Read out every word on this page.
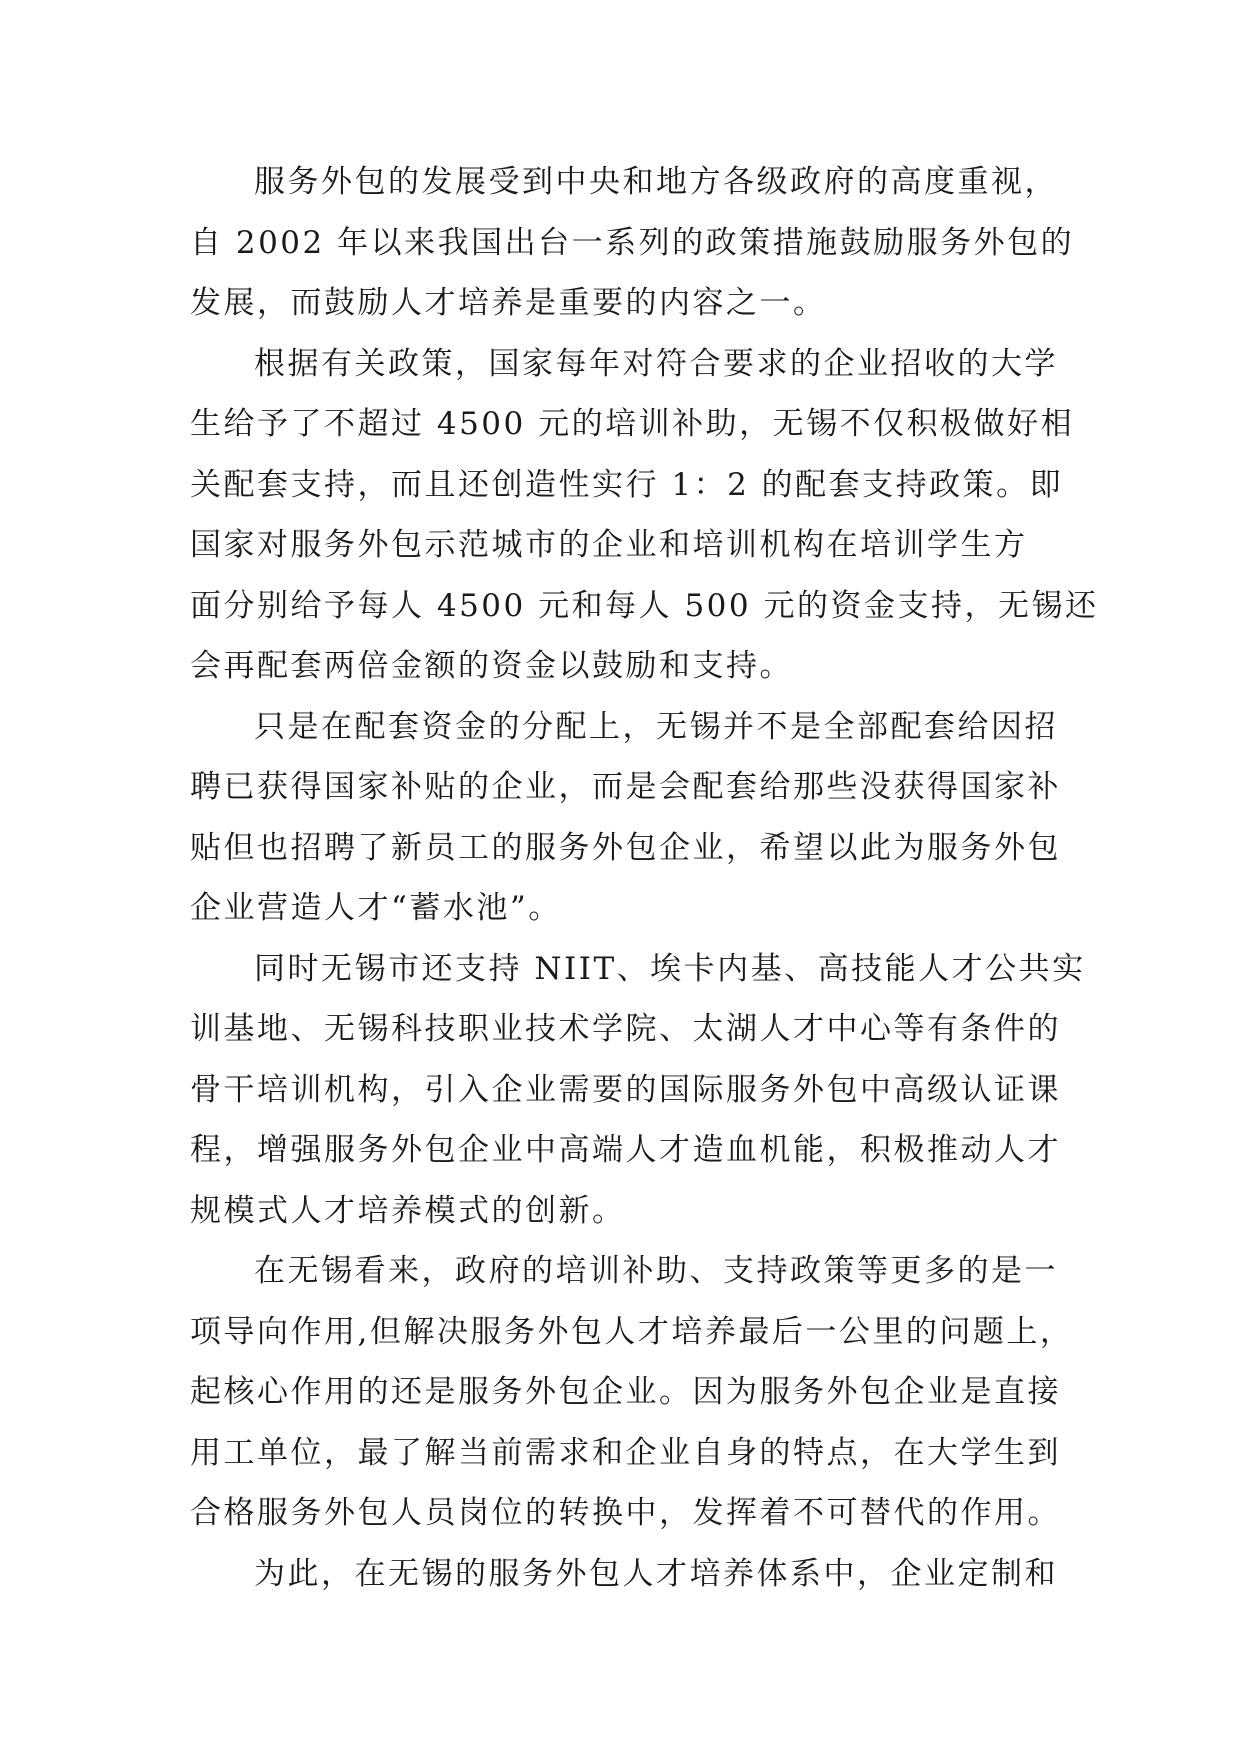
服务外包的发展受到中央和地方各级政府的高度重视，
自 2002 年以来我国出台一系列的政策措施鼓励服务外包的
发展，而鼓励人才培养是重要的内容之一。
根据有关政策，国家每年对符合要求的企业招收的大学
生给予了不超过 4500 元的培训补助，无锡不仅积极做好相
关配套支持，而且还创造性实行 1：2 的配套支持政策。即
国家对服务外包示范城市的企业和培训机构在培训学生方
面分别给予每人 4500 元和每人 500 元的资金支持，无锡还
会再配套两倍金额的资金以鼓励和支持。
只是在配套资金的分配上，无锡并不是全部配套给因招
聘已获得国家补贴的企业，而是会配套给那些没获得国家补
贴但也招聘了新员工的服务外包企业，希望以此为服务外包
企业营造人才“蓄水池”。
同时无锡市还支持 NIIT、埃卡内基、高技能人才公共实
训基地、无锡科技职业技术学院、太湖人才中心等有条件的
骨干培训机构，引入企业需要的国际服务外包中高级认证课
程，增强服务外包企业中高端人才造血机能，积极推动人才
规模式人才培养模式的创新。
在无锡看来，政府的培训补助、支持政策等更多的是一
项导向作用,但解决服务外包人才培养最后一公里的问题上，
起核心作用的还是服务外包企业。因为服务外包企业是直接
用工单位，最了解当前需求和企业自身的特点，在大学生到
合格服务外包人员岗位的转换中，发挥着不可替代的作用。
为此，在无锡的服务外包人才培养体系中，企业定制和
